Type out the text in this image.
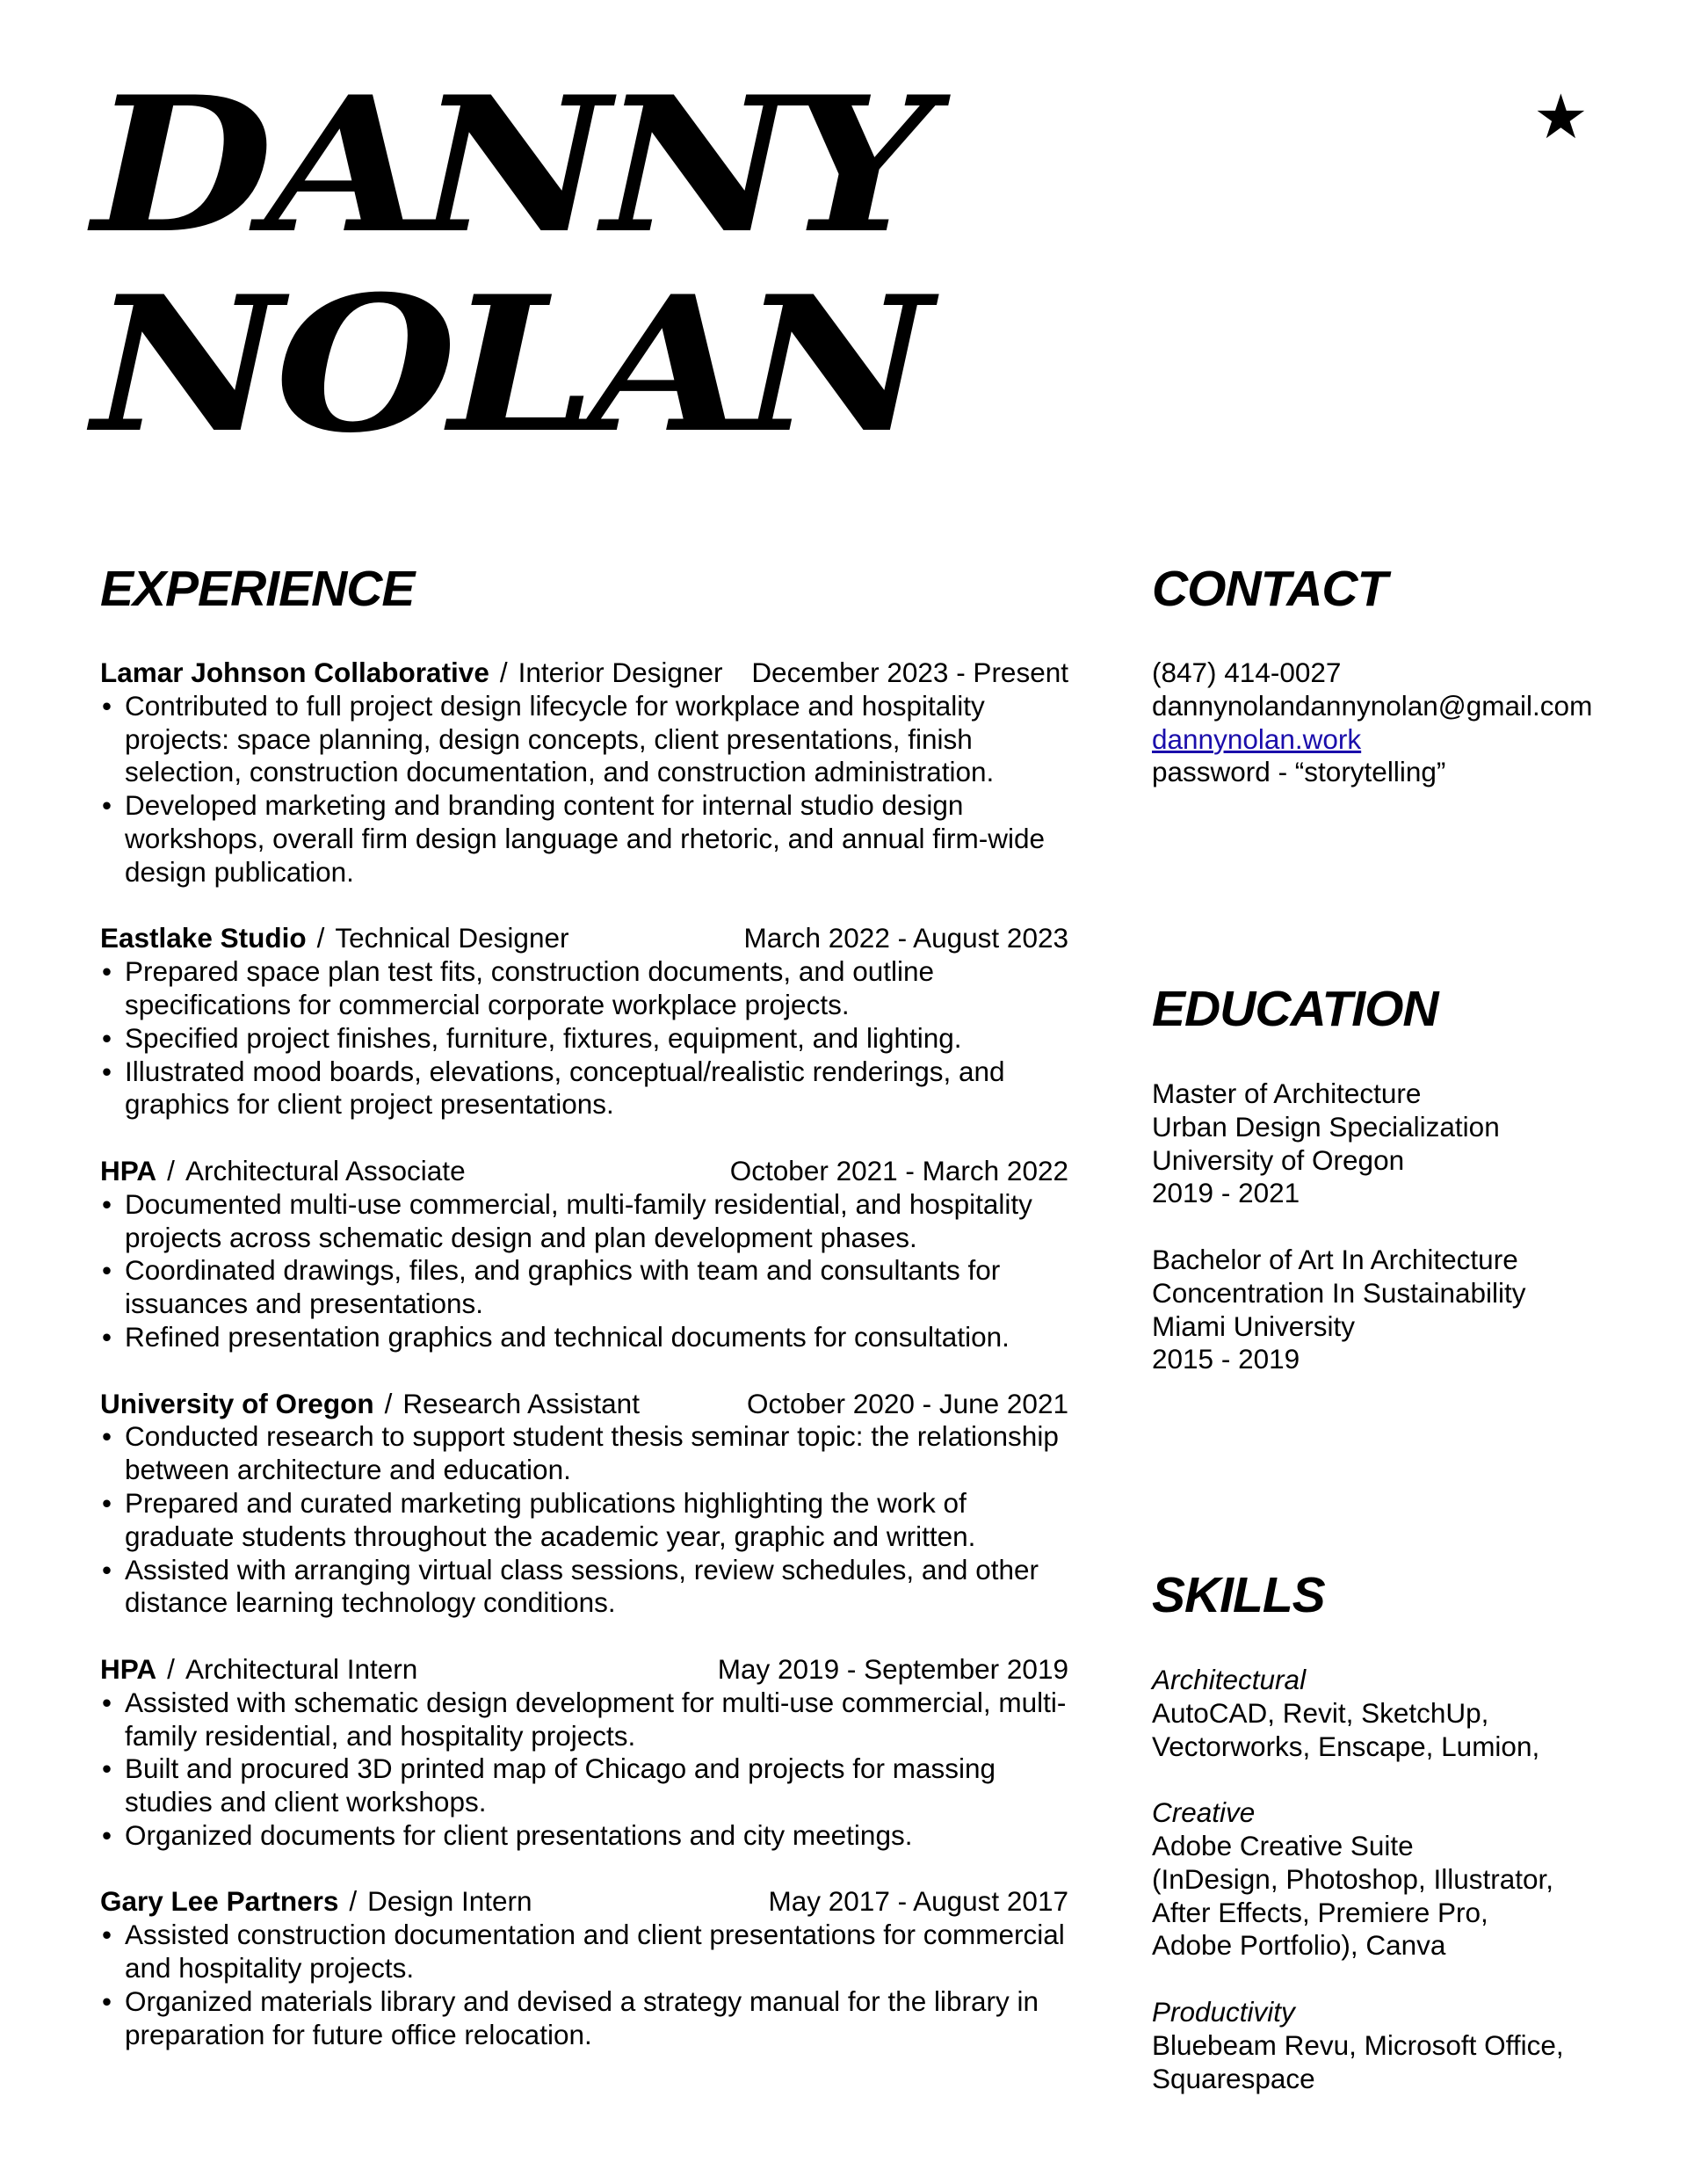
DANNY
NOLAN
★
EXPERIENCE	CONTACT
EDUCATION
SKILLS
Lamar Johnson Collaborative / Interior Designer December 2023 - Present
• Contributed to full project design lifecycle for workplace and hospitality
projects: space planning, design concepts, client presentations, finish
selection, construction documentation, and construction administration.
• Developed marketing and branding content for internal studio design
workshops, overall firm design language and rhetoric, and annual firm-wide
design publication.
Eastlake Studio / Technical Designer	March 2022 - August 2023
• Prepared space plan test fits, construction documents, and outline
specifications for commercial corporate workplace projects.
• Specified project finishes, furniture, fixtures, equipment, and lighting.
• Illustrated mood boards, elevations, conceptual/realistic renderings, and
graphics for client project presentations.
HPA / Architectural Associate	October 2021 - March 2022
• Documented multi-use commercial, multi-family residential, and hospitality
projects across schematic design and plan development phases.
• Coordinated drawings, files, and graphics with team and consultants for
issuances and presentations.
• Refined presentation graphics and technical documents for consultation.
University of Oregon / Research Assistant	October 2020 - June 2021
• Conducted research to support student thesis seminar topic: the relationship
between architecture and education.
• Prepared and curated marketing publications highlighting the work of
graduate students throughout the academic year, graphic and written.
• Assisted with arranging virtual class sessions, review schedules, and other
distance learning technology conditions.
HPA / Architectural Intern	May 2019 - September 2019
• Assisted with schematic design development for multi-use commercial, multi-
family residential, and hospitality projects.
• Built and procured 3D printed map of Chicago and projects for massing
studies and client workshops.
• Organized documents for client presentations and city meetings.
Gary Lee Partners / Design Intern	May 2017 - August 2017
• Assisted construction documentation and client presentations for commercial
and hospitality projects.
• Organized materials library and devised a strategy manual for the library in
preparation for future office relocation.
(847) 414-0027
dannynolandannynolan@gmail.com
dannynolan.work
password - “storytelling”
Master of Architecture
Urban Design Specialization
University of Oregon
2019 - 2021
Bachelor of Art In Architecture
Concentration In Sustainability
Miami University
2015 - 2019
Architectural
AutoCAD, Revit, SketchUp,
Vectorworks, Enscape, Lumion,
Creative
Adobe Creative Suite
(InDesign, Photoshop, Illustrator,
After Effects, Premiere Pro,
Adobe Portfolio), Canva
Productivity
Bluebeam Revu, Microsoft Office,
Squarespace
